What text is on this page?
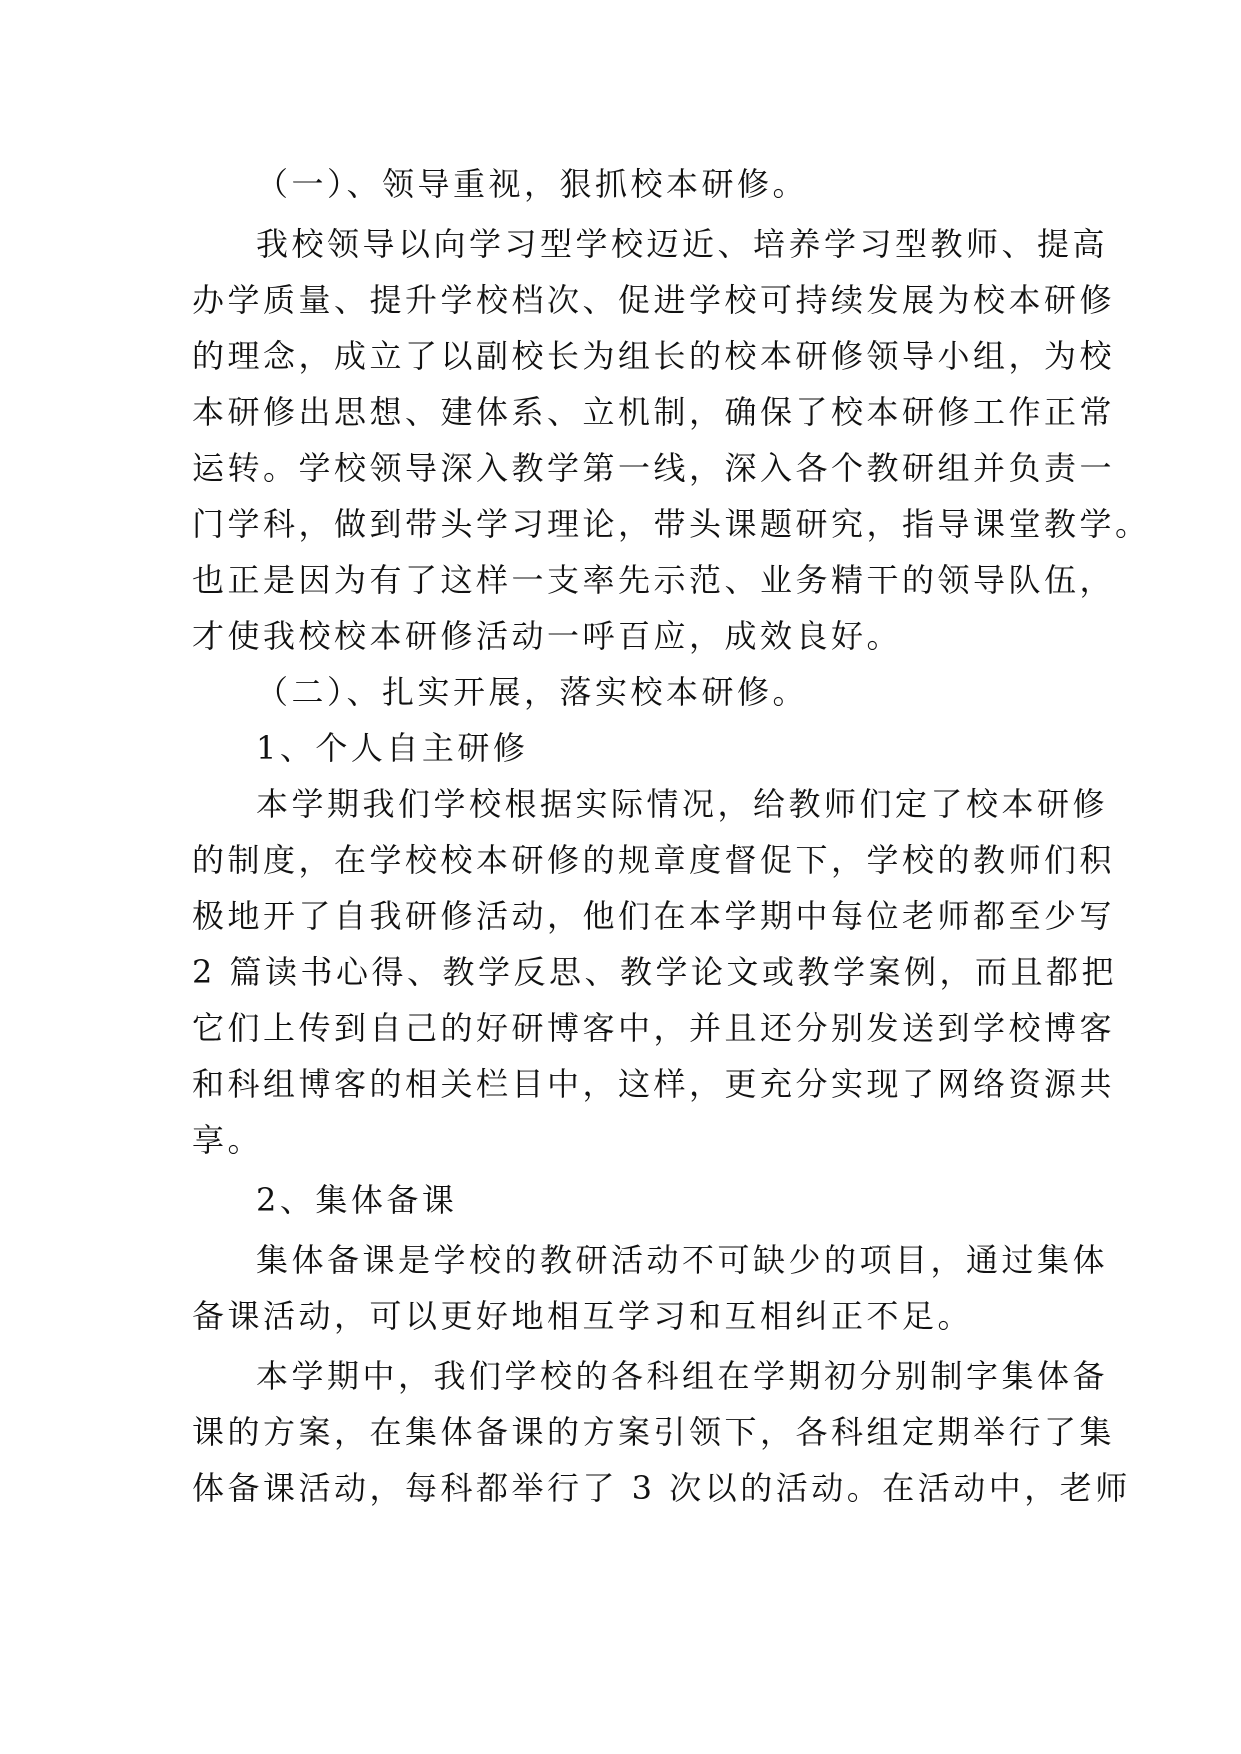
（一）、领导重视，狠抓校本研修。
我校领导以向学习型学校迈近、培养学习型教师、提高
办学质量、提升学校档次、促进学校可持续发展为校本研修
的理念，成立了以副校长为组长的校本研修领导小组，为校
本研修出思想、建体系、立机制，确保了校本研修工作正常
运转。学校领导深入教学第一线，深入各个教研组并负责一
门学科，做到带头学习理论，带头课题研究，指导课堂教学。
也正是因为有了这样一支率先示范、业务精干的领导队伍，
才使我校校本研修活动一呼百应，成效良好。
（二）、扎实开展，落实校本研修。
1、个人自主研修
本学期我们学校根据实际情况，给教师们定了校本研修
的制度，在学校校本研修的规章度督促下，学校的教师们积
极地开了自我研修活动，他们在本学期中每位老师都至少写
2 篇读书心得、教学反思、教学论文或教学案例，而且都把
它们上传到自己的好研博客中，并且还分别发送到学校博客
和科组博客的相关栏目中，这样，更充分实现了网络资源共
享。
2、集体备课
集体备课是学校的教研活动不可缺少的项目，通过集体
备课活动，可以更好地相互学习和互相纠正不足。
本学期中，我们学校的各科组在学期初分别制字集体备
课的方案，在集体备课的方案引领下，各科组定期举行了集
体备课活动，每科都举行了 3 次以的活动。在活动中，老师
